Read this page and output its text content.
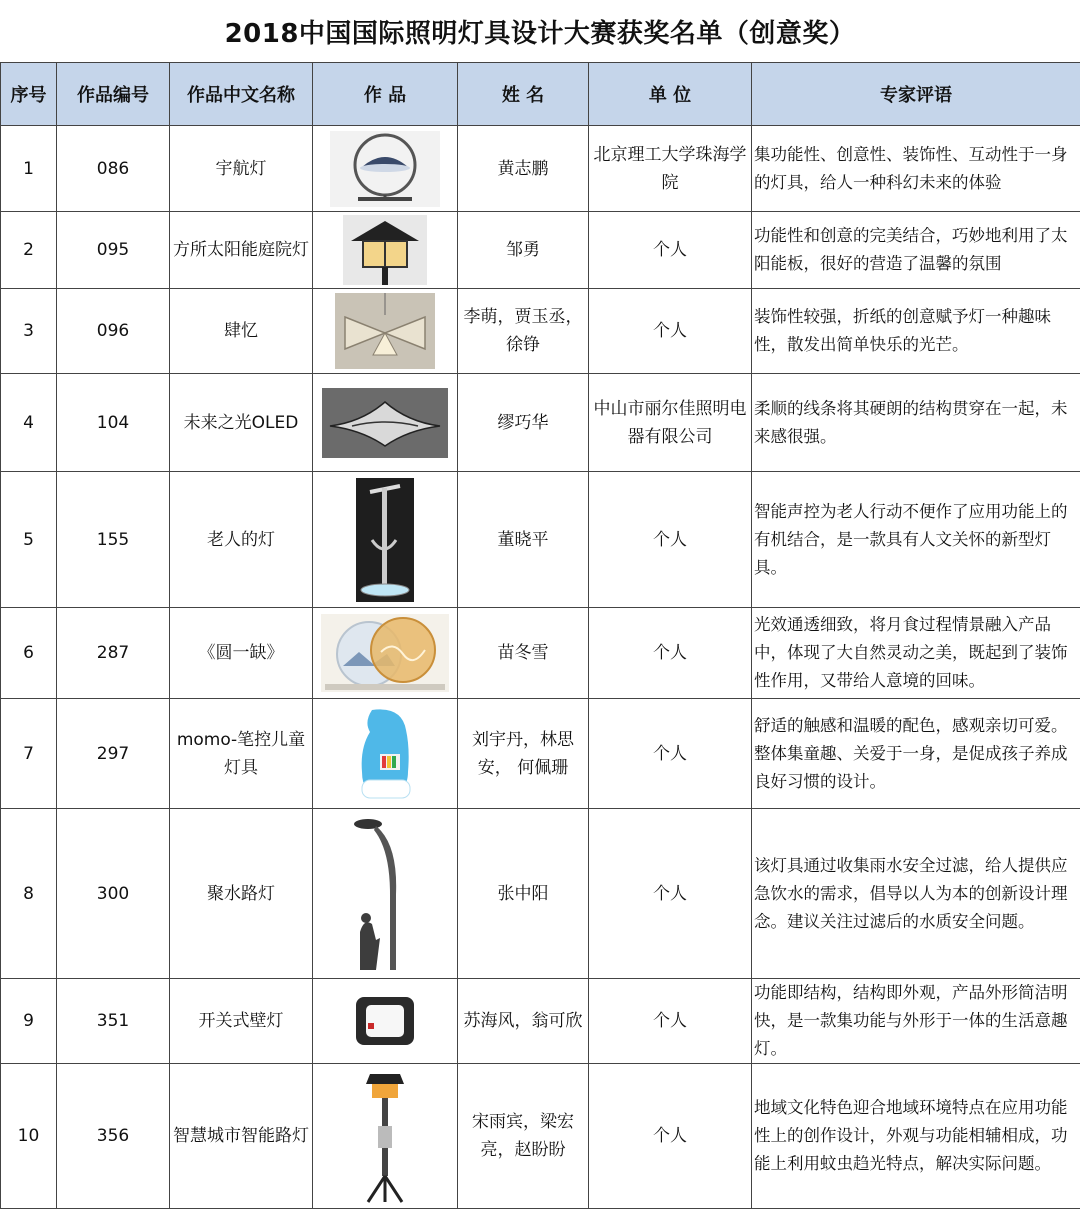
2018中国国际照明灯具设计大赛获奖名单（创意奖）
序号	作品编号	作品中文名称	作 品	姓 名	单 位	专家评语
1	086	宇航灯		黄志鹏	北京理工大学珠海学院	集功能性、创意性、装饰性、互动性于一身的灯具，给人一种科幻未来的体验
2	095	方所太阳能庭院灯		邹勇	个人	功能性和创意的完美结合，巧妙地利用了太阳能板，很好的营造了温馨的氛围
3	096	肆忆		李萌，贾玉丞，徐铮	个人	装饰性较强，折纸的创意赋予灯一种趣味性，散发出简单快乐的光芒。
4	104	未来之光OLED		缪巧华	中山市丽尔佳照明电器有限公司	柔顺的线条将其硬朗的结构贯穿在一起，未来感很强。
5	155	老人的灯		董晓平	个人	智能声控为老人行动不便作了应用功能上的有机结合，是一款具有人文关怀的新型灯具。
6	287	《圆一缺》		苗冬雪	个人	光效通透细致，将月食过程情景融入产品中，体现了大自然灵动之美，既起到了装饰性作用，又带给人意境的回味。
7	297	momo-笔控儿童灯具		刘宇丹，林思安， 何佩珊	个人	舒适的触感和温暖的配色，感观亲切可爱。整体集童趣、关爱于一身，是促成孩子养成良好习惯的设计。
8	300	聚水路灯		张中阳	个人	该灯具通过收集雨水安全过滤，给人提供应急饮水的需求，倡导以人为本的创新设计理念。建议关注过滤后的水质安全问题。
9	351	开关式壁灯		苏海风，翁可欣	个人	功能即结构，结构即外观，产品外形简洁明快，是一款集功能与外形于一体的生活意趣灯。
10	356	智慧城市智能路灯		宋雨宾，梁宏亮，赵盼盼	个人	地域文化特色迎合地域环境特点在应用功能性上的创作设计，外观与功能相辅相成，功能上利用蚊虫趋光特点，解决实际问题。
